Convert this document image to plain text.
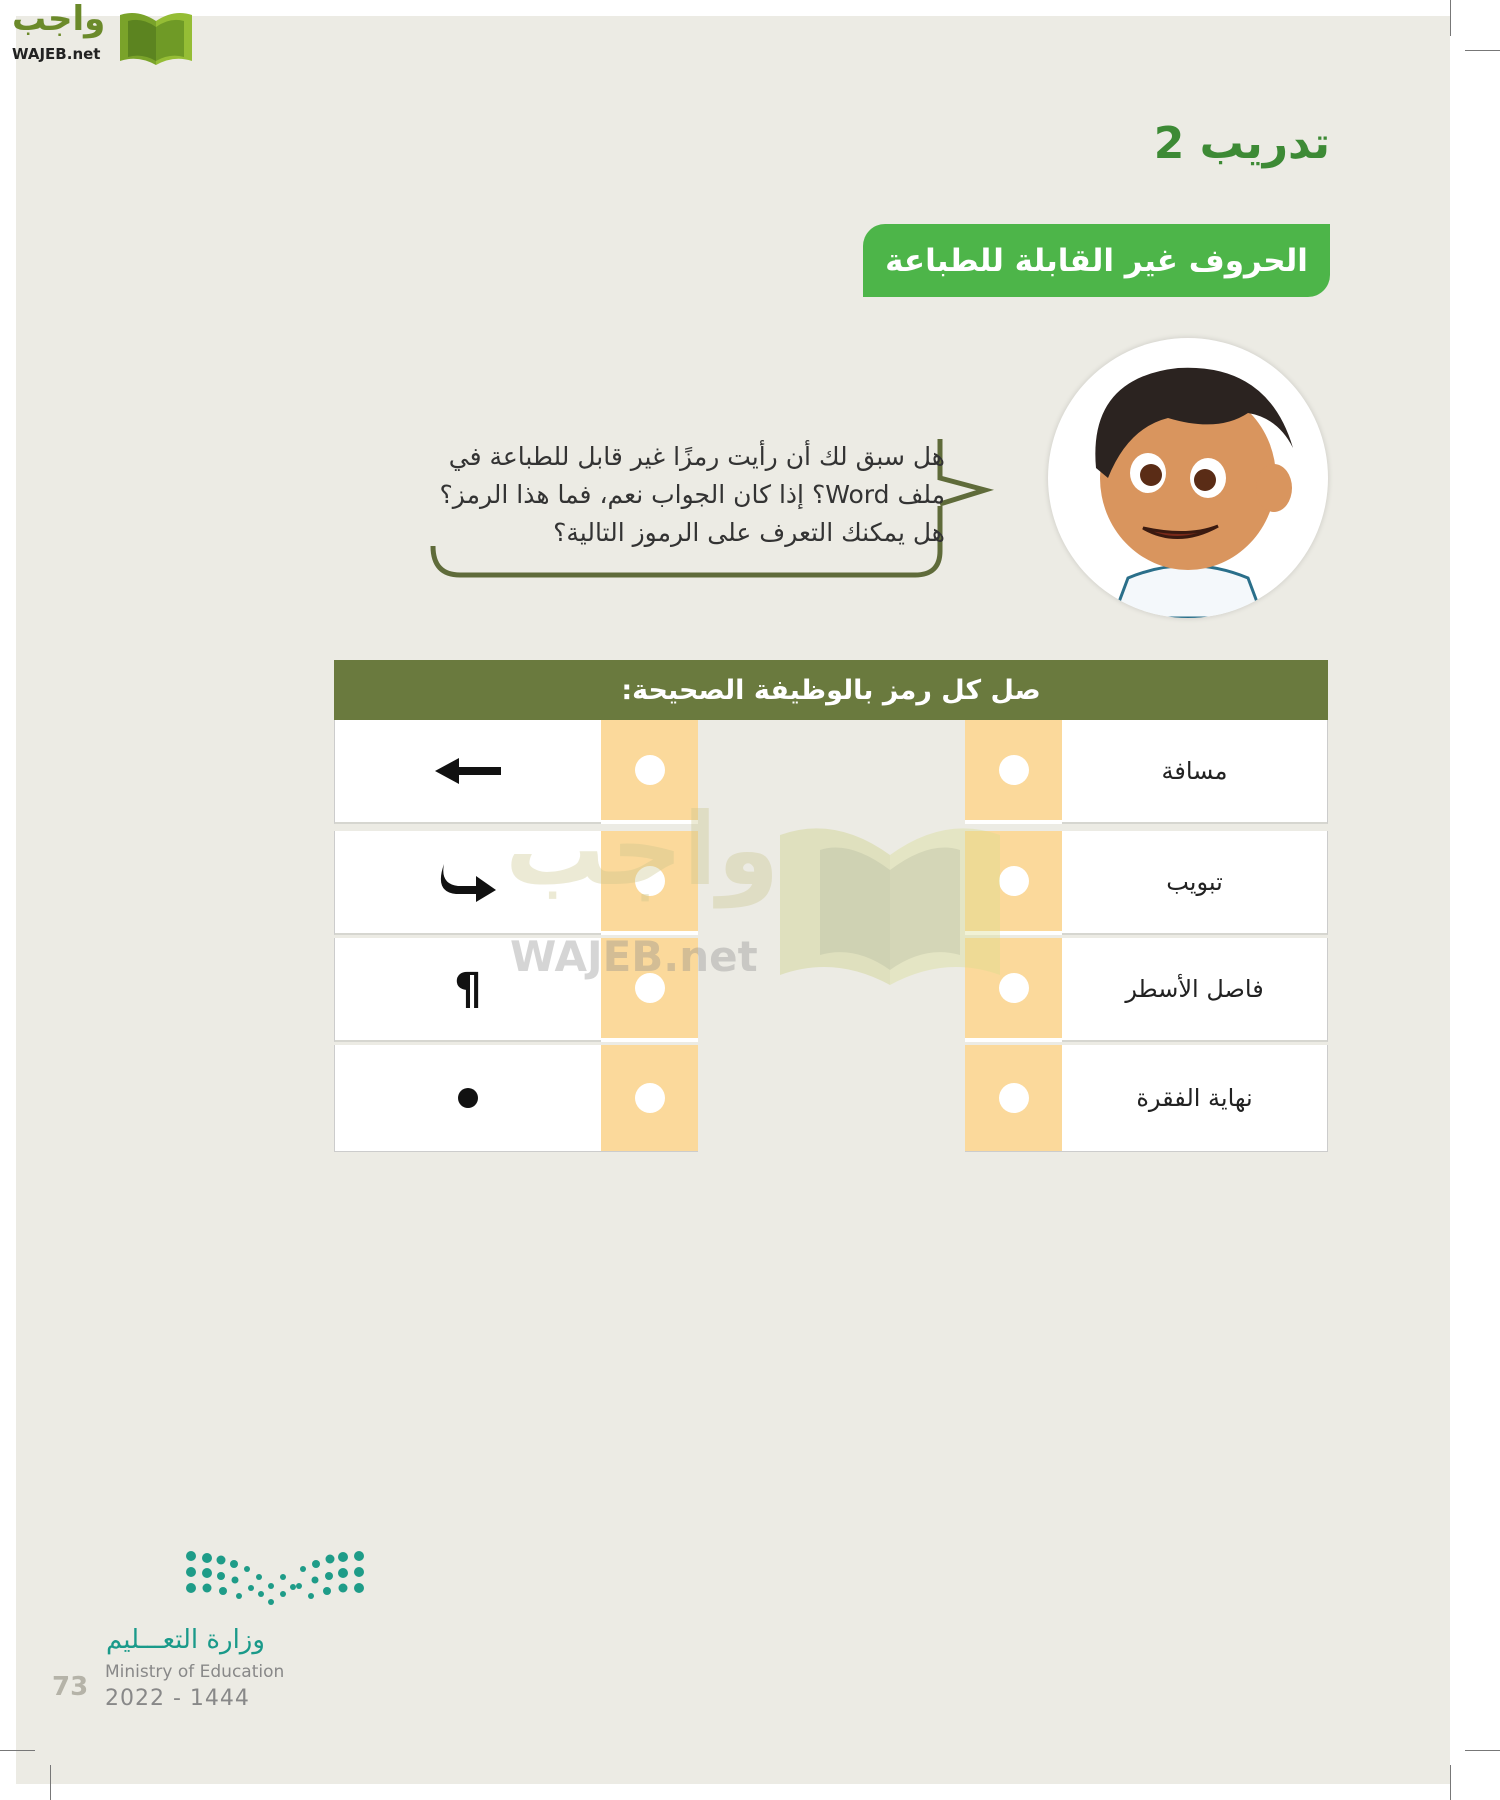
واجب
WAJEB.net
تدريب 2
الحروف غير القابلة للطباعة
هل سبق لك أن رأيت رمزًا غير قابل للطباعة في
ملف Word؟ إذا كان الجواب نعم، فما هذا الرمز؟
هل يمكنك التعرف على الرموز التالية؟
صل كل رمز بالوظيفة الصحيحة:
مسافة
تبويب
¶	فاصل الأسطر
نهاية الفقرة
واجب
WAJEB.net
وزارة التعـــليم
Ministry of Education
2022 - 1444
73
